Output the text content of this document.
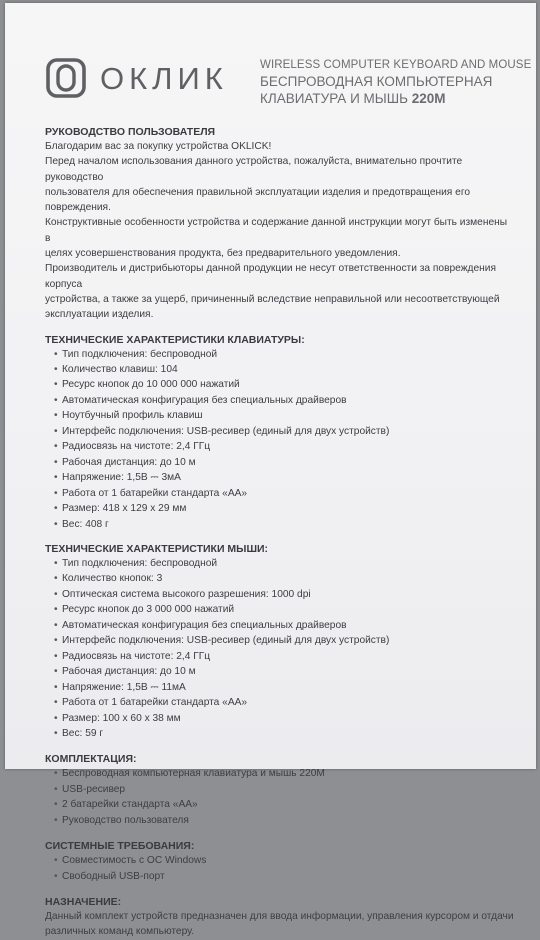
ОКЛИК	WIRELESS COMPUTER KEYBOARD AND MOUSE
БЕСПРОВОДНАЯ КОМПЬЮТЕРНАЯ
КЛАВИАТУРА И МЫШЬ 220M
РУКОВОДСТВО ПОЛЬЗОВАТЕЛЯ

Благодарим вас за покупку устройства OKLICK!

Перед началом использования данного устройства, пожалуйста, внимательно прочтите руководство

пользователя для обеспечения правильной эксплуатации изделия и предотвращения его повреждения.

Конструктивные особенности устройства и содержание данной инструкции могут быть изменены в

целях усовершенствования продукта, без предварительного уведомления.

Производитель и дистрибьюторы данной продукции не несут ответственности за повреждения корпуса

устройства, а также за ущерб, причиненный вследствие неправильной или несоответствующей

эксплуатации изделия.

ТЕХНИЧЕСКИЕ ХАРАКТЕРИСТИКИ КЛАВИАТУРЫ:
• Тип подключения: беспроводной
• Количество клавиш: 104
• Ресурс кнопок до 10 000 000 нажатий
• Автоматическая конфигурация без специальных драйверов
• Ноутбучный профиль клавиш
• Интерфейс подключения: USB-ресивер (единый для двух устройств)
• Радиосвязь на чистоте: 2,4 ГГц
• Рабочая дистанция: до 10 м
• Напряжение: 1,5В ⎓ 3мА
• Работа от 1 батарейки стандарта «АА»
• Размер: 418 х 129 х 29 мм
• Вес: 408 г
ТЕХНИЧЕСКИЕ ХАРАКТЕРИСТИКИ МЫШИ:
• Тип подключения: беспроводной
• Количество кнопок: 3
• Оптическая система высокого разрешения: 1000 dpi
• Ресурс кнопок до 3 000 000 нажатий
• Автоматическая конфигурация без специальных драйверов
• Интерфейс подключения: USB-ресивер (единый для двух устройств)
• Радиосвязь на чистоте: 2,4 ГГц
• Рабочая дистанция: до 10 м
• Напряжение: 1,5В ⎓ 11мА
• Работа от 1 батарейки стандарта «АА»
• Размер: 100 х 60 х 38 мм
• Вес: 59 г
КОМПЛЕКТАЦИЯ:
• Беспроводная компьютерная клавиатура и мышь 220M
• USB-ресивер
• 2 батарейки стандарта «АА»
• Руководство пользователя
СИСТЕМНЫЕ ТРЕБОВАНИЯ:
• Совместимость с ОС Windows
• Свободный USB-порт
НАЗНАЧЕНИЕ:

Данный комплект устройств предназначен для ввода информации, управления курсором и отдачи

различных команд компьютеру.
